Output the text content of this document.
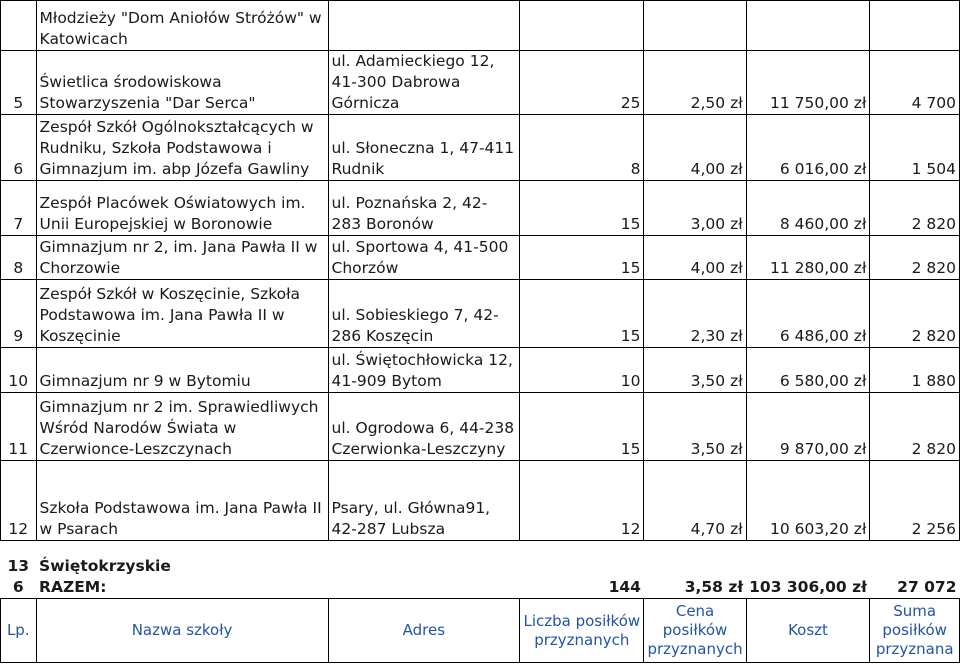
	Młodzieży "Dom Aniołów Stróżów" w Katowicach					
5	Świetlica środowiskowa Stowarzyszenia "Dar Serca"	ul. Adamieckiego 12, 41-300 Dabrowa Górnicza	25	2,50 zł	11 750,00 zł	4 700
6	Zespół Szkół Ogólnokształcących w Rudniku, Szkoła Podstawowa i Gimnazjum im. abp Józefa Gawliny	ul. Słoneczna 1, 47-411 Rudnik	8	4,00 zł	6 016,00 zł	1 504
7	Zespół Placówek Oświatowych im. Unii Europejskiej w Boronowie	ul. Poznańska 2, 42-283 Boronów	15	3,00 zł	8 460,00 zł	2 820
8	Gimnazjum nr 2, im. Jana Pawła II w Chorzowie	ul. Sportowa 4, 41-500 Chorzów	15	4,00 zł	11 280,00 zł	2 820
9	Zespół Szkół w Koszęcinie, Szkoła Podstawowa im. Jana Pawła II w Koszęcinie	ul. Sobieskiego 7, 42-286 Koszęcin	15	2,30 zł	6 486,00 zł	2 820
10	Gimnazjum nr 9 w Bytomiu	ul. Świętochłowicka 12, 41-909 Bytom	10	3,50 zł	6 580,00 zł	1 880
11	Gimnazjum nr 2 im. Sprawiedliwych Wśród Narodów Świata w Czerwionce-Leszczynach	ul. Ogrodowa 6, 44-238 Czerwionka-Leszczyny	15	3,50 zł	9 870,00 zł	2 820
12	Szkoła Podstawowa im. Jana Pawła II w Psarach	Psary, ul. Główna91, 42-287 Lubsza	12	4,70 zł	10 603,20 zł	2 256

13	Świętokrzyskie					
6	RAZEM:		144	3,58 zł	103 306,00 zł	27 072
Lp.	Nazwa szkoły	Adres	Liczba posiłków przyznanych	Cena posiłków przyznanych	Koszt	Suma posiłków przyznana
